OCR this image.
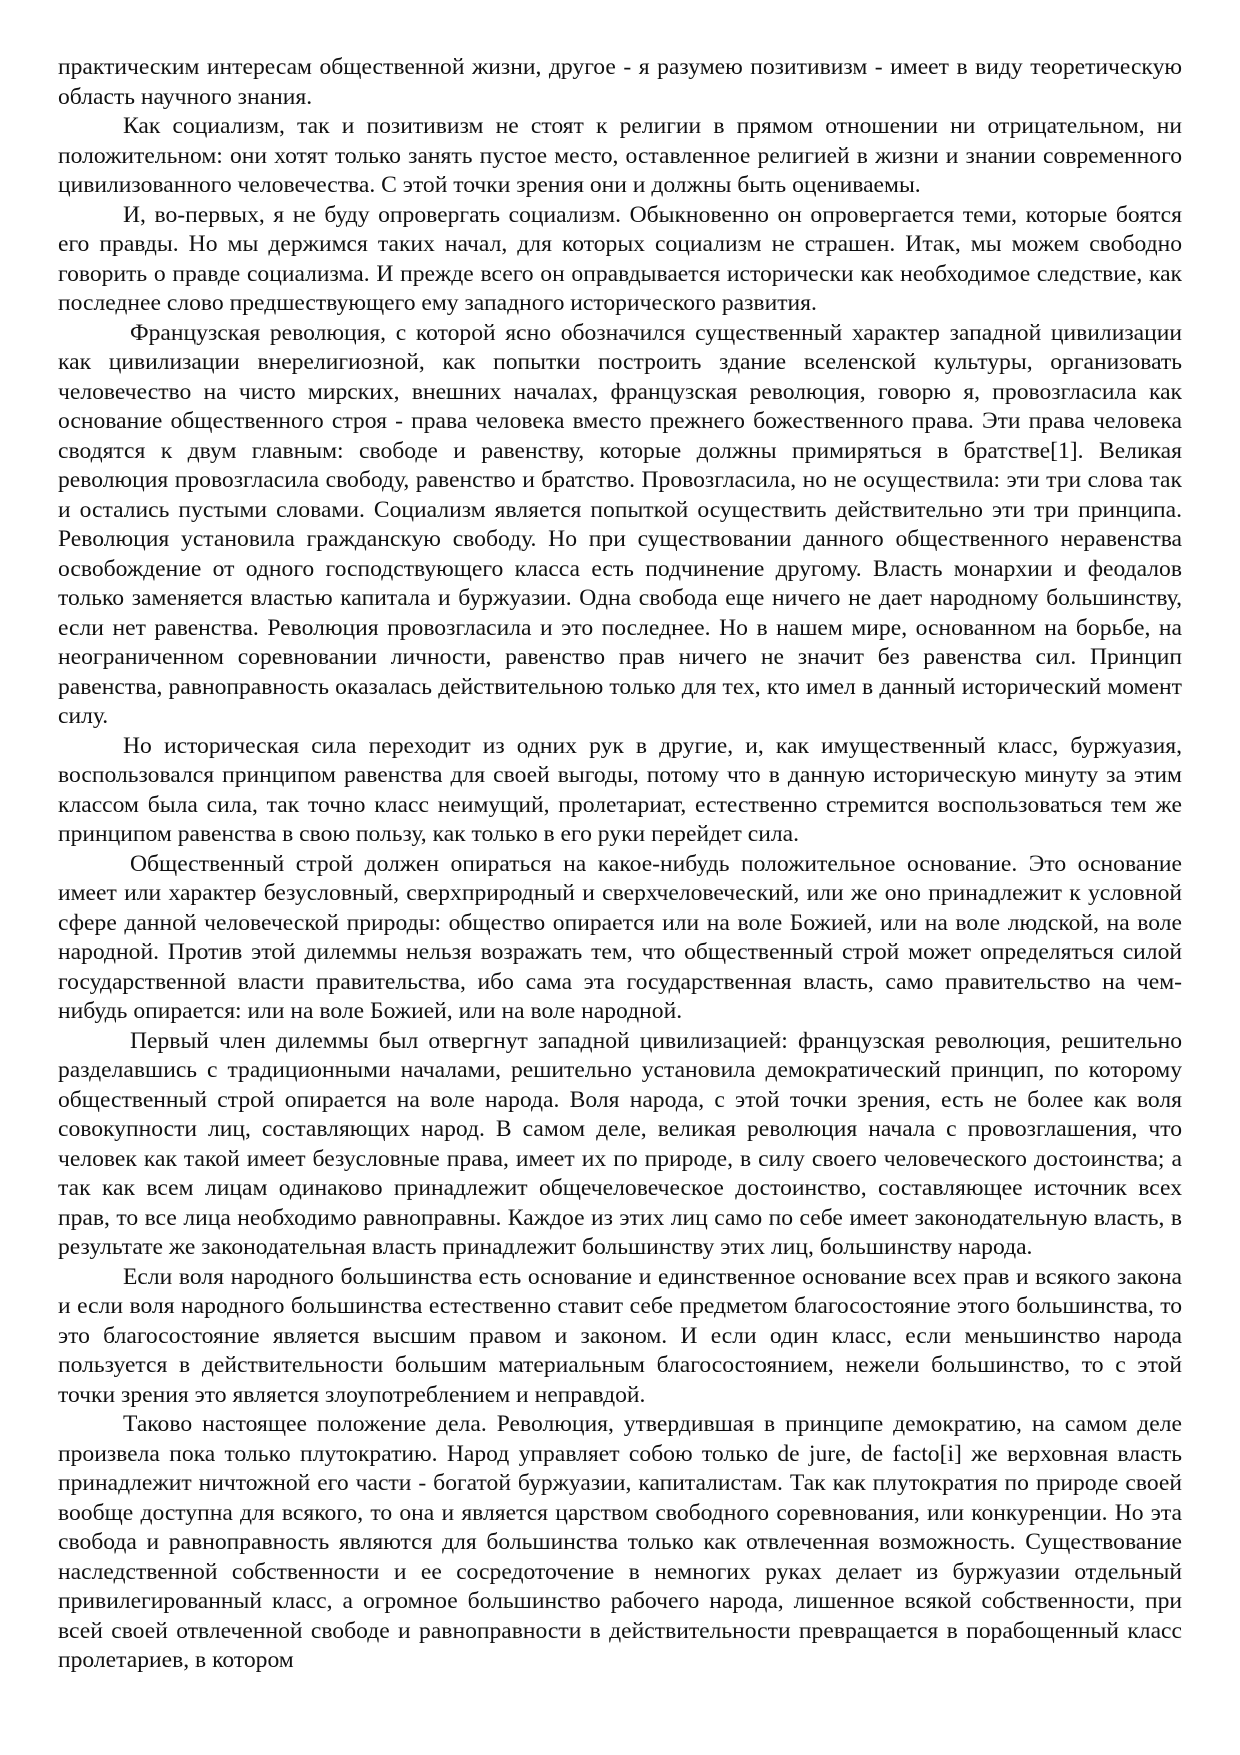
практическим интересам общественной жизни, другое - я разумею позитивизм - имеет в виду теоретическую область научного знания.

Как социализм, так и позитивизм не стоят к религии в прямом отношении ни отрицательном, ни положительном: они хотят только занять пустое место, оставленное религией в жизни и знании современного цивилизованного человечества. С этой точки зрения они и должны быть оцениваемы.

И, во-первых, я не буду опровергать социализм. Обыкновенно он опровергается теми, которые боятся его правды. Но мы держимся таких начал, для которых социализм не страшен. Итак, мы можем свободно говорить о правде социализма. И прежде всего он оправдывается исторически как необходимое следствие, как последнее слово предшествующего ему западного исторического развития.

Французская революция, с которой ясно обозначился существенный характер западной цивилизации как цивилизации внерелигиозной, как попытки построить здание вселенской культуры, организовать человечество на чисто мирских, внешних началах, французская революция, говорю я, провозгласила как основание общественного строя - права человека вместо прежнего божественного права. Эти права человека сводятся к двум главным: свободе и равенству, которые должны примиряться в братстве[1]. Великая революция провозгласила свободу, равенство и братство. Провозгласила, но не осуществила: эти три слова так и остались пустыми словами. Социализм является попыткой осуществить действительно эти три принципа. Революция установила гражданскую свободу. Но при существовании данного общественного неравенства освобождение от одного господствующего класса есть подчинение другому. Власть монархии и феодалов только заменяется властью капитала и буржуазии. Одна свобода еще ничего не дает народному большинству, если нет равенства. Революция провозгласила и это последнее. Но в нашем мире, основанном на борьбе, на неограниченном соревновании личности, равенство прав ничего не значит без равенства сил. Принцип равенства, равноправность оказалась действительною только для тех, кто имел в данный исторический момент силу.

Но историческая сила переходит из одних рук в другие, и, как имущественный класс, буржуазия, воспользовался принципом равенства для своей выгоды, потому что в данную историческую минуту за этим классом была сила, так точно класс неимущий, пролетариат, естественно стремится воспользоваться тем же принципом равенства в свою пользу, как только в его руки перейдет сила.

Общественный строй должен опираться на какое-нибудь положительное основание. Это основание имеет или характер безусловный, сверхприродный и сверхчеловеческий, или же оно принадлежит к условной сфере данной человеческой природы: общество опирается или на воле Божией, или на воле людской, на воле народной. Против этой дилеммы нельзя возражать тем, что общественный строй может определяться силой государственной власти правительства, ибо сама эта государственная власть, само правительство на чем-нибудь опирается: или на воле Божией, или на воле народной.

Первый член дилеммы был отвергнут западной цивилизацией: французская революция, решительно разделавшись с традиционными началами, решительно установила демократический принцип, по которому общественный строй опирается на воле народа. Воля народа, с этой точки зрения, есть не более как воля совокупности лиц, составляющих народ. В самом деле, великая революция начала с провозглашения, что человек как такой имеет безусловные права, имеет их по природе, в силу своего человеческого достоинства; а так как всем лицам одинаково принадлежит общечеловеческое достоинство, составляющее источник всех прав, то все лица необходимо равноправны. Каждое из этих лиц само по себе имеет законодательную власть, в результате же законодательная власть принадлежит большинству этих лиц, большинству народа.

Если воля народного большинства есть основание и единственное основание всех прав и всякого закона и если воля народного большинства естественно ставит себе предметом благосостояние этого большинства, то это благосостояние является высшим правом и законом. И если один класс, если меньшинство народа пользуется в действительности большим материальным благосостоянием, нежели большинство, то с этой точки зрения это является злоупотреблением и неправдой.

Таково настоящее положение дела. Революция, утвердившая в принципе демократию, на самом деле произвела пока только плутократию. Народ управляет собою только de jure, de facto[i] же верховная власть принадлежит ничтожной его части - богатой буржуазии, капиталистам. Так как плутократия по природе своей вообще доступна для всякого, то она и является царством свободного соревнования, или конкуренции. Но эта свобода и равноправность являются для большинства только как отвлеченная возможность. Существование наследственной собственности и ее сосредоточение в немногих руках делает из буржуазии отдельный привилегированный класс, а огромное большинство рабочего народа, лишенное всякой собственности, при всей своей отвлеченной свободе и равноправности в действительности превращается в порабощенный класс пролетариев, в котором
